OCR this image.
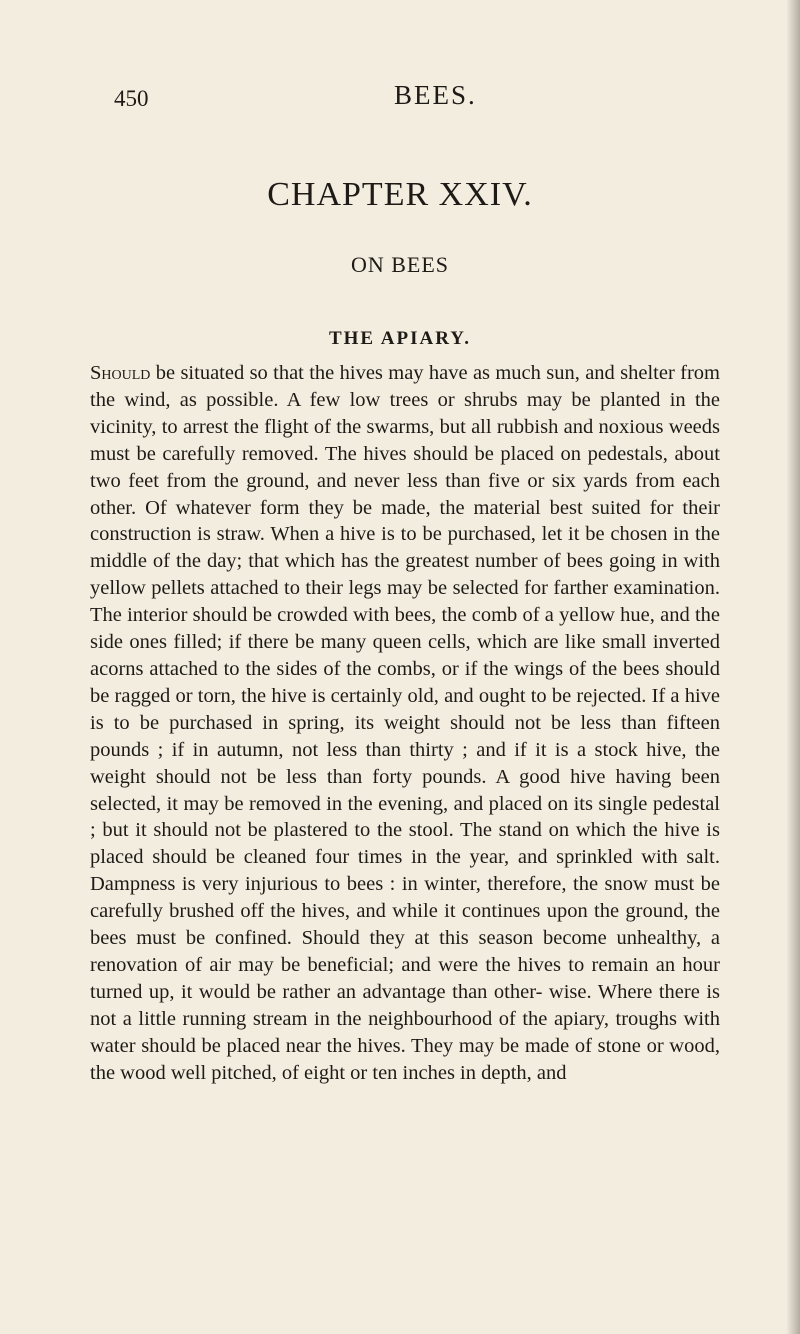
450	BEES.
CHAPTER XXIV.
ON BEES
THE APIARY.

Should be situated so that the hives may have as much sun, and shelter from the wind, as possible. A few low trees or shrubs may be planted in the vicinity, to arrest the flight of the swarms, but all rubbish and noxious weeds must be carefully removed. The hives should be placed on pedestals, about two feet from the ground, and never less than five or six yards from each other. Of whatever form they be made, the material best suited for their construction is straw. When a hive is to be purchased, let it be chosen in the middle of the day; that which has the greatest number of bees going in with yellow pellets attached to their legs may be selected for farther examination. The interior should be crowded with bees, the comb of a yellow hue, and the side ones filled; if there be many queen cells, which are like small inverted acorns attached to the sides of the combs, or if the wings of the bees should be ragged or torn, the hive is certainly old, and ought to be rejected. If a hive is to be purchased in spring, its weight should not be less than fifteen pounds ; if in autumn, not less than thirty ; and if it is a stock hive, the weight should not be less than forty pounds. A good hive having been selected, it may be removed in the evening, and placed on its single pedestal ; but it should not be plastered to the stool. The stand on which the hive is placed should be cleaned four times in the year, and sprinkled with salt. Dampness is very injurious to bees : in winter, therefore, the snow must be carefully brushed off the hives, and while it continues upon the ground, the bees must be confined. Should they at this season become unhealthy, a renovation of air may be beneficial; and were the hives to remain an hour turned up, it would be rather an advantage than other- wise. Where there is not a little running stream in the neighbourhood of the apiary, troughs with water should be placed near the hives. They may be made of stone or wood, the wood well pitched, of eight or ten inches in depth, and
